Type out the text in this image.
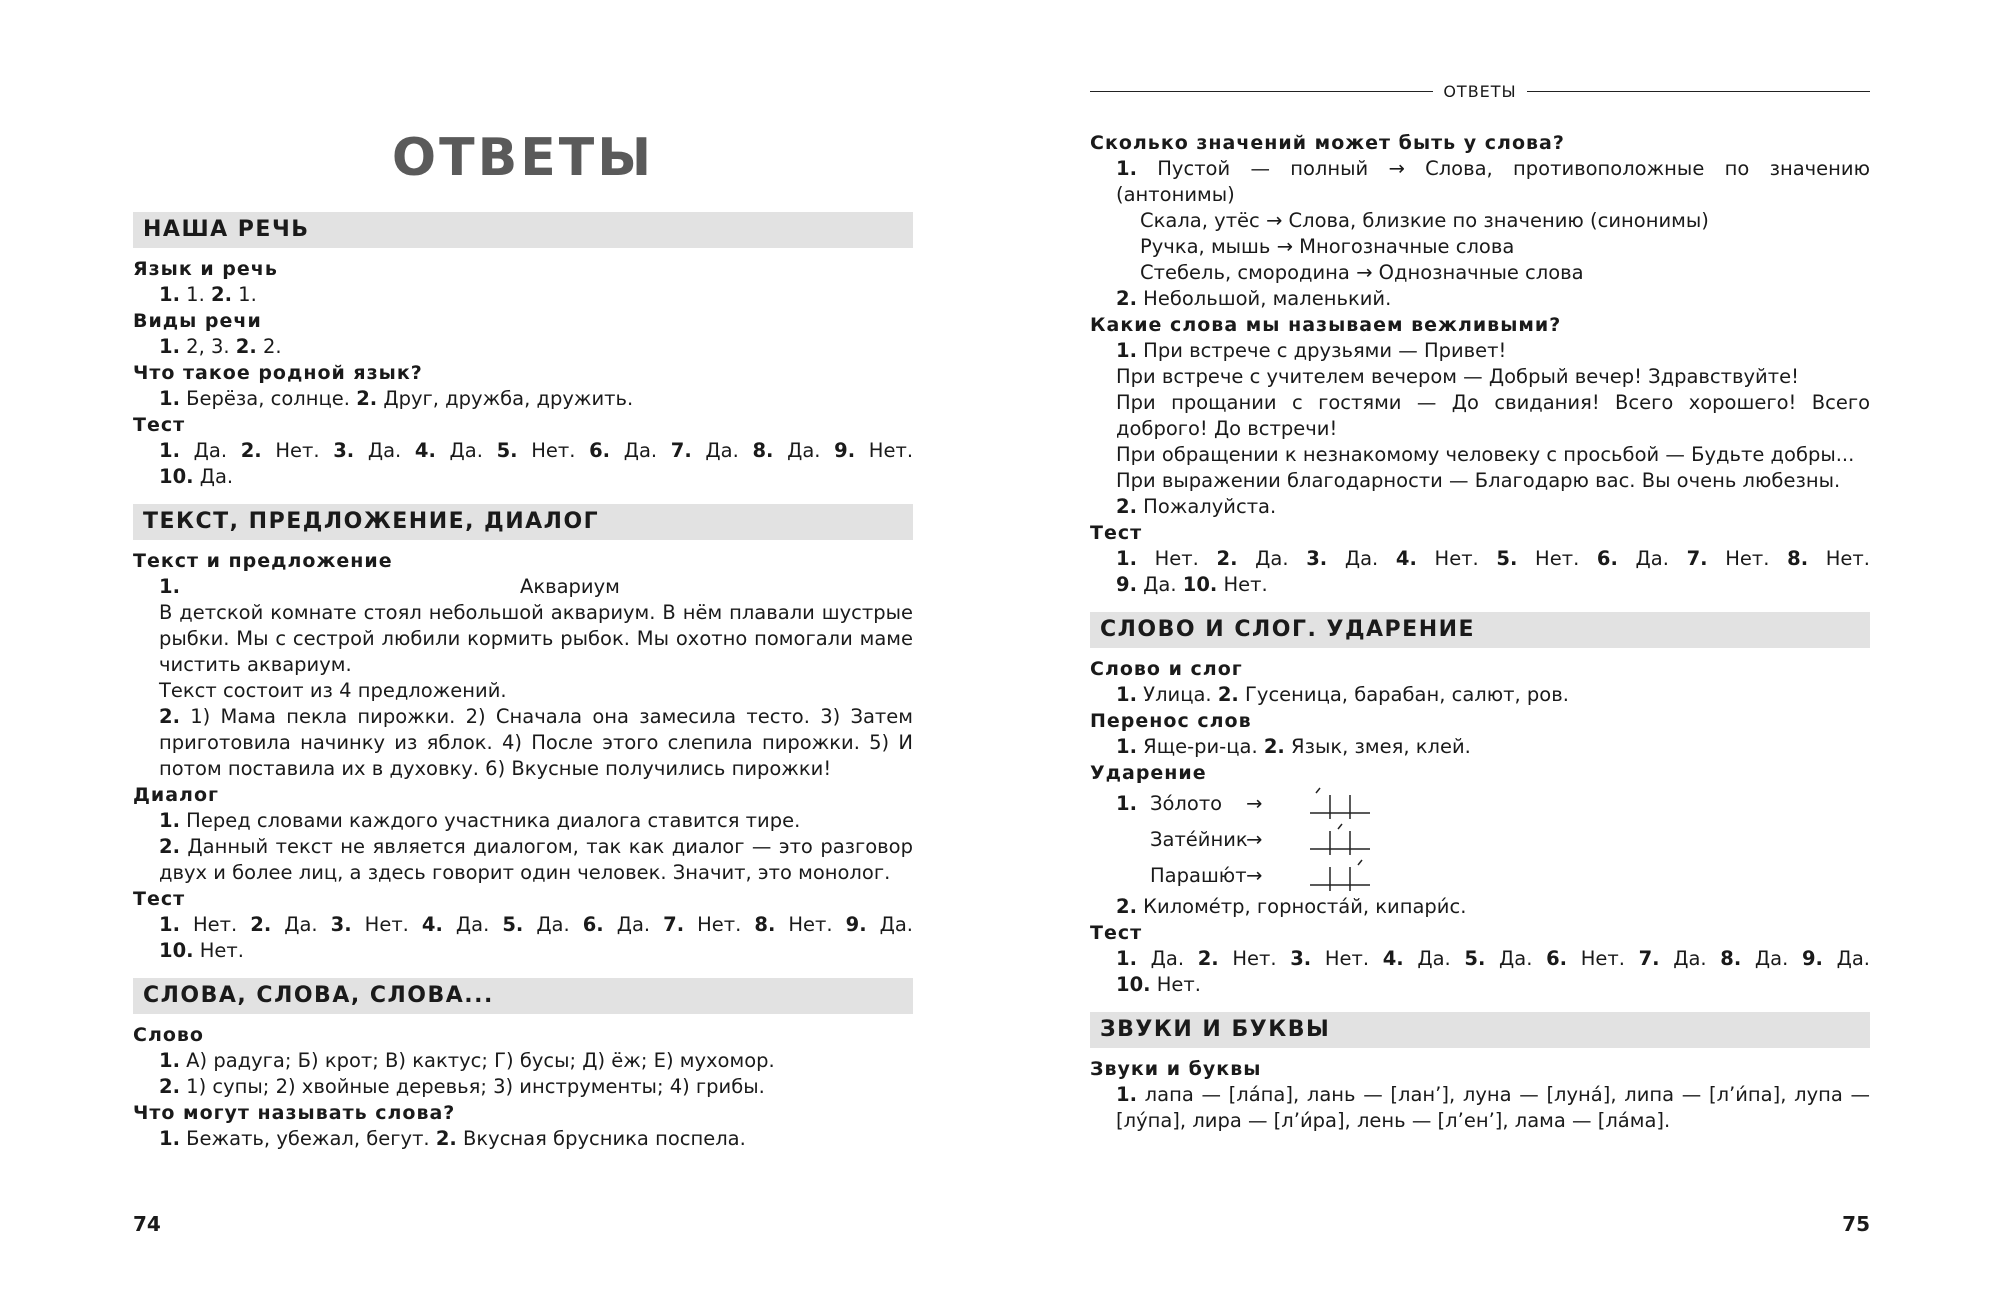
ОТВЕТЫ
НАША РЕЧЬ

Язык и речь

1. 1. 2. 1.

Виды речи

1. 2, 3. 2. 2.

Что такое родной язык?

1. Берёза, солнце. 2. Друг, дружба, дружить.

Тест

1. Да. 2. Нет. 3. Да. 4. Да. 5. Нет. 6. Да. 7. Да. 8. Да. 9. Нет.

10. Да.

ТЕКСТ, ПРЕДЛОЖЕНИЕ, ДИАЛОГ

Текст и предложение

1.	Аквариум

В детской комнате стоял небольшой аквариум. В нём плавали шустрые рыбки. Мы с сестрой любили кормить рыбок. Мы охотно помогали маме чистить аквариум.

Текст состоит из 4 предложений.

2. 1) Мама пекла пирожки. 2) Сначала она замесила тесто. 3) Затем приготовила начинку из яблок. 4) После этого слепила пирожки. 5) И потом поставила их в духовку. 6) Вкусные получились пирожки!

Диалог

1. Перед словами каждого участника диалога ставится тире.

2. Данный текст не является диалогом, так как диалог — это разговор двух и более лиц, а здесь говорит один человек. Значит, это монолог.

Тест

1. Нет. 2. Да. 3. Нет. 4. Да. 5. Да. 6. Да. 7. Нет. 8. Нет. 9. Да.

10. Нет.

СЛОВА, СЛОВА, СЛОВА...

Слово

1. А) радуга; Б) крот; В) кактус; Г) бусы; Д) ёж; Е) мухомор.

2. 1) супы; 2) хвойные деревья; 3) инструменты; 4) грибы.

Что могут называть слова?

1. Бежать, убежал, бегут. 2. Вкусная брусника поспела.

74
ОТВЕТЫ

Сколько значений может быть у слова?

1. Пустой — полный → Слова, противоположные по значению (антонимы)

Скала, утёс → Слова, близкие по значению (синонимы)

Ручка, мышь → Многозначные слова

Стебель, смородина → Однозначные слова

2. Небольшой, маленький.

Какие слова мы называем вежливыми?

1. При встрече с друзьями — Привет!

При встрече с учителем вечером — Добрый вечер! Здравствуйте!

При прощании с гостями — До свидания! Всего хорошего! Всего доброго! До встречи!

При обращении к незнакомому человеку с просьбой — Будьте добры...

При выражении благодарности — Благодарю вас. Вы очень любезны.

2. Пожалуйста.

Тест

1. Нет. 2. Да. 3. Да. 4. Нет. 5. Нет. 6. Да. 7. Нет. 8. Нет.

9. Да. 10. Нет.

СЛОВО И СЛОГ. УДАРЕНИЕ

Слово и слог

1. Улица. 2. Гусеница, барабан, салют, ров.

Перенос слов

1. Яще-ри-ца. 2. Язык, змея, клей.

Ударение

1. Зо́лото	→
Зате́йник
→
Парашю́т →

2. Киломе́тр, горноста́й, кипари́с.

Тест

1. Да. 2. Нет. 3. Нет. 4. Да. 5. Да. 6. Нет. 7. Да. 8. Да. 9. Да.

10. Нет.

ЗВУКИ И БУКВЫ

Звуки и буквы

1. лапа — [ла́па], лань — [лан’], луна — [луна́], липа — [л’и́па], лупа — [лу́па], лира — [л’и́ра], лень — [л’ен’], лама — [ла́ма].

75
